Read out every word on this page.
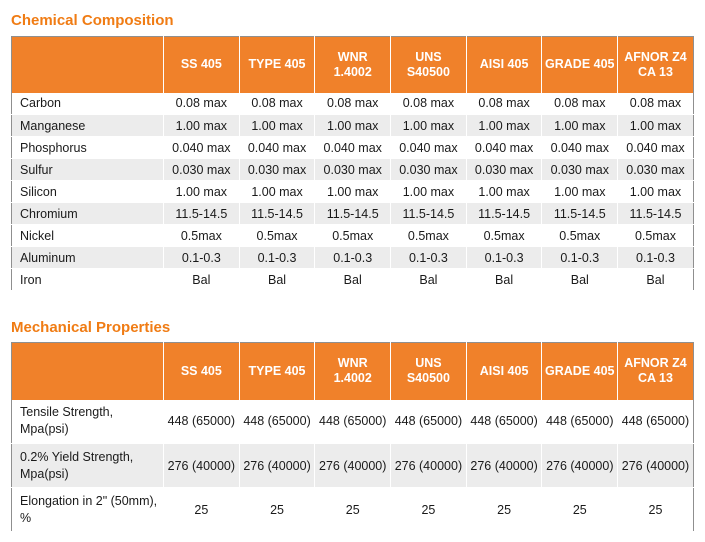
Chemical Composition
	SS 405	TYPE 405	WNR 1.4002	UNS S40500	AISI 405	GRADE 405	AFNOR Z4 CA 13
Carbon	0.08 max	0.08 max	0.08 max	0.08 max	0.08 max	0.08 max	0.08 max
Manganese	1.00 max	1.00 max	1.00 max	1.00 max	1.00 max	1.00 max	1.00 max
Phosphorus	0.040 max	0.040 max	0.040 max	0.040 max	0.040 max	0.040 max	0.040 max
Sulfur	0.030 max	0.030 max	0.030 max	0.030 max	0.030 max	0.030 max	0.030 max
Silicon	1.00 max	1.00 max	1.00 max	1.00 max	1.00 max	1.00 max	1.00 max
Chromium	11.5-14.5	11.5-14.5	11.5-14.5	11.5-14.5	11.5-14.5	11.5-14.5	11.5-14.5
Nickel	0.5max	0.5max	0.5max	0.5max	0.5max	0.5max	0.5max
Aluminum	0.1-0.3	0.1-0.3	0.1-0.3	0.1-0.3	0.1-0.3	0.1-0.3	0.1-0.3
Iron	Bal	Bal	Bal	Bal	Bal	Bal	Bal
Mechanical Properties
	SS 405	TYPE 405	WNR 1.4002	UNS S40500	AISI 405	GRADE 405	AFNOR Z4 CA 13
Tensile Strength, Mpa(psi)	448 (65000)	448 (65000)	448 (65000)	448 (65000)	448 (65000)	448 (65000)	448 (65000)
0.2% Yield Strength, Mpa(psi)	276 (40000)	276 (40000)	276 (40000)	276 (40000)	276 (40000)	276 (40000)	276 (40000)
Elongation in 2" (50mm), %	25	25	25	25	25	25	25
